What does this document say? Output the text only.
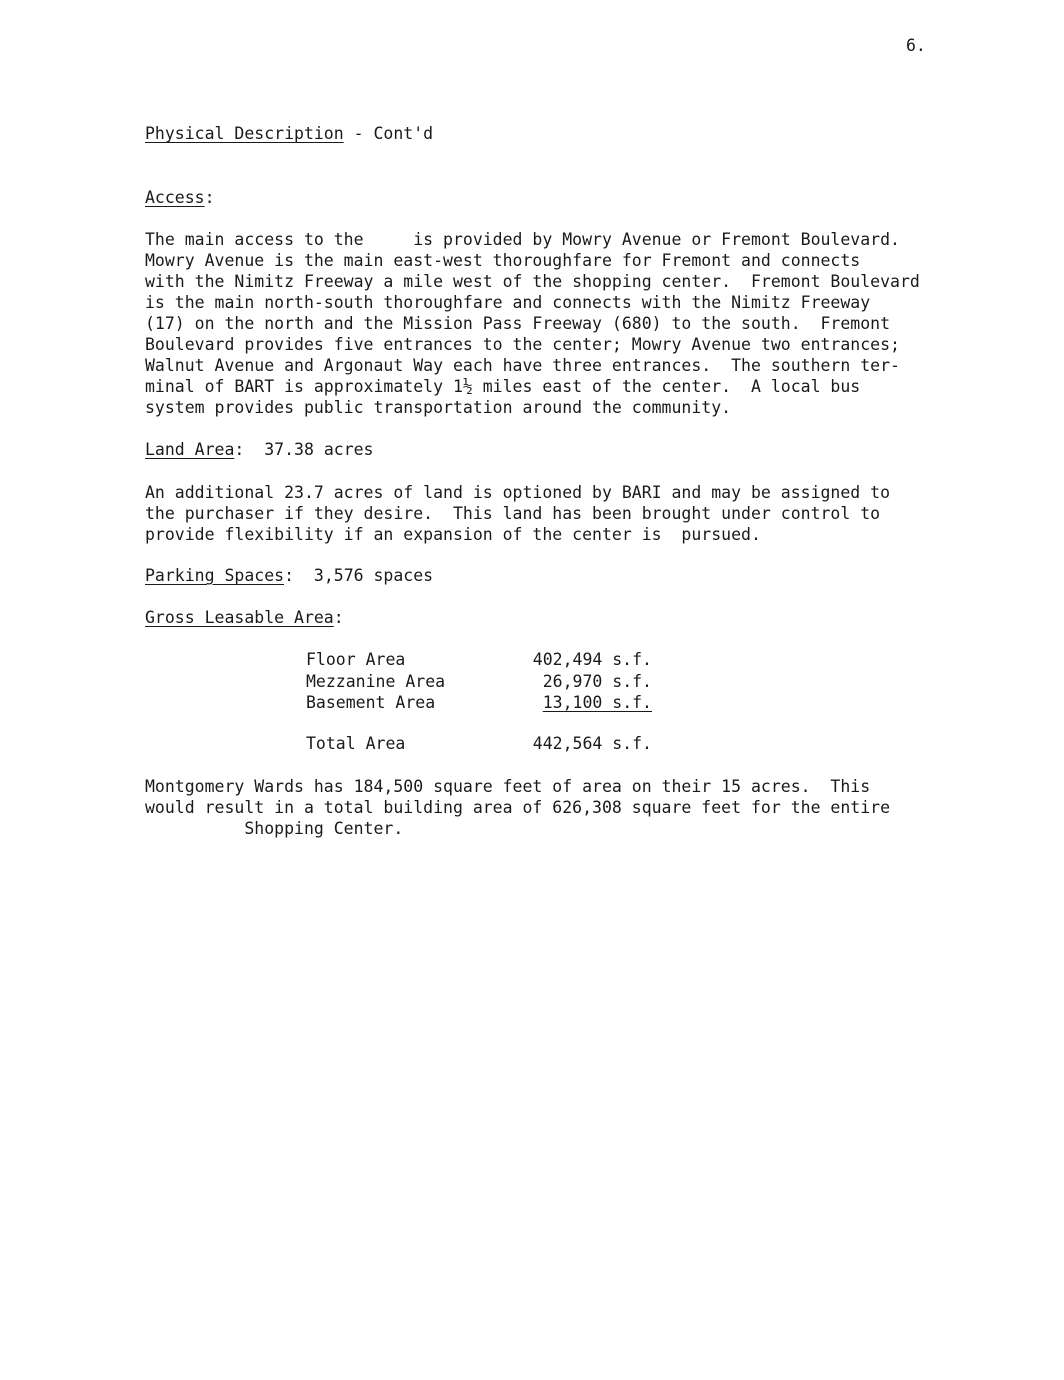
6.
Physical Description - Cont'd
Access:
The main access to the     is provided by Mowry Avenue or Fremont Boulevard.
Mowry Avenue is the main east-west thoroughfare for Fremont and connects
with the Nimitz Freeway a mile west of the shopping center.  Fremont Boulevard
is the main north-south thoroughfare and connects with the Nimitz Freeway
(17) on the north and the Mission Pass Freeway (680) to the south.  Fremont
Boulevard provides five entrances to the center; Mowry Avenue two entrances;
Walnut Avenue and Argonaut Way each have three entrances.  The southern ter-
minal of BART is approximately 1½ miles east of the center.  A local bus
system provides public transportation around the community.
Land Area:  37.38 acres
An additional 23.7 acres of land is optioned by BARI and may be assigned to
the purchaser if they desire.  This land has been brought under control to
provide flexibility if an expansion of the center is  pursued.
Parking Spaces:  3,576 spaces
Gross Leasable Area:
Floor Area	402,494 s.f.
Mezzanine Area	26,970 s.f.
Basement Area	13,100 s.f.
Total Area	442,564 s.f.
Montgomery Wards has 184,500 square feet of area on their 15 acres.  This
would result in a total building area of 626,308 square feet for the entire
Shopping Center.
